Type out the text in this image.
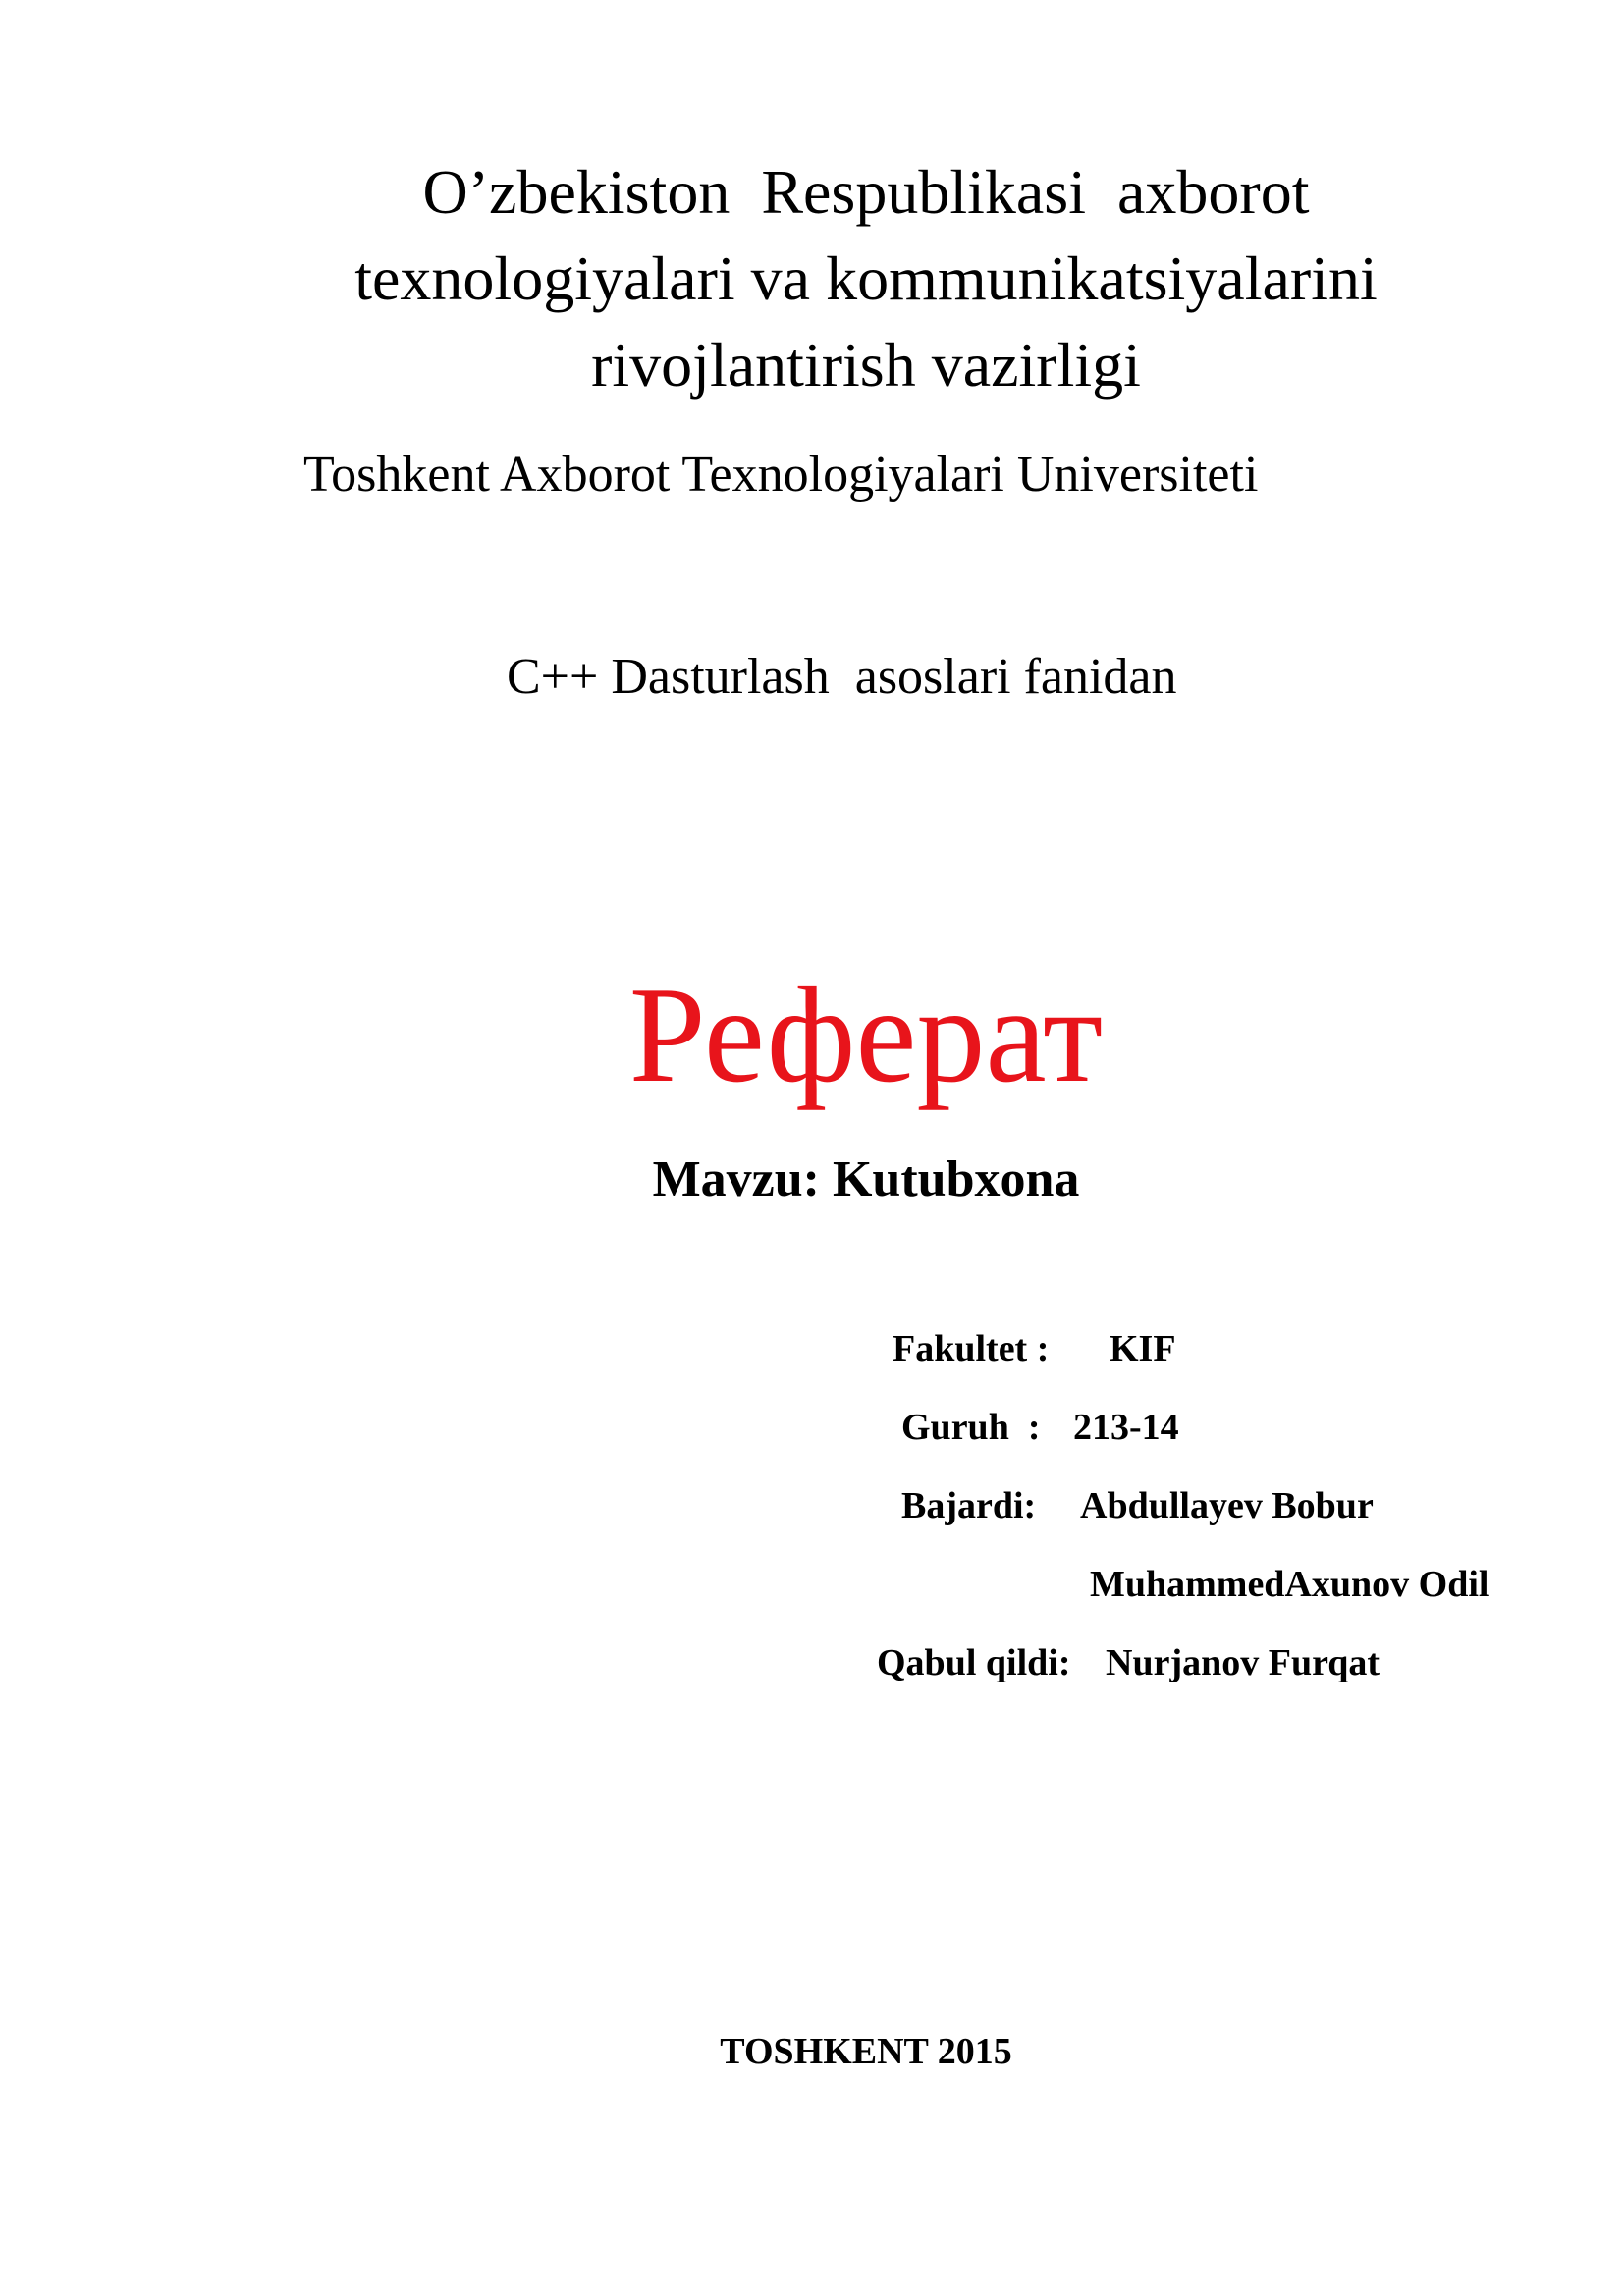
O’zbekiston  Respublikasi  axborot
texnologiyalari va kommunikatsiyalarini
rivojlantirish vazirligi
Toshkent Axborot Texnologiyalari Universiteti
C++ Dasturlash  asoslari fanidan
Реферат
Mavzu: Kutubxona
Fakultet : KIF
Guruh  : 213-14
Bajardi: Abdullayev Bobur
MuhammedAxunov Odil
Qabul qildi: Nurjanov Furqat
TOSHKENT 2015
